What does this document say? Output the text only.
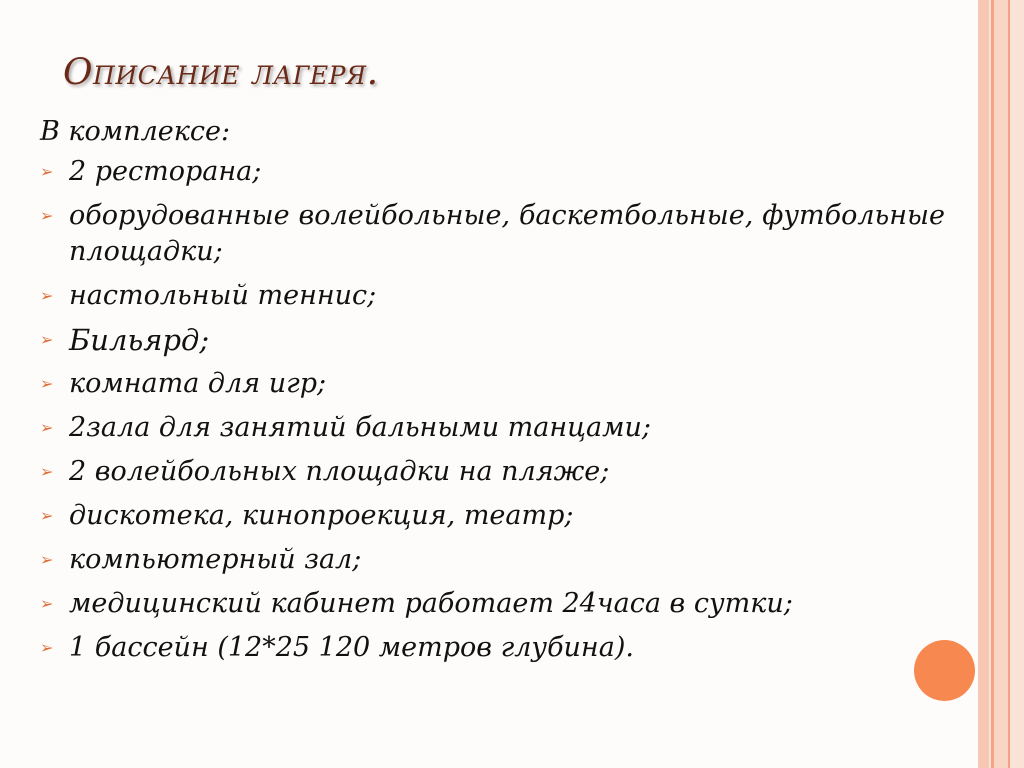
Описание лагеря.
В комплексе:
➢ 2 ресторана;
➢ оборудованные волейбольные, баскетбольные, футбольные площадки;
➢ настольный теннис;
➢ Бильярд;
➢ комната для игр;
➢ 2зала для занятий бальными танцами;
➢ 2 волейбольных площадки на пляже;
➢ дискотека, кинопроекция, театр;
➢ компьютерный зал;
➢ медицинский кабинет работает 24часа в сутки;
➢ 1 бассейн (12*25 120 метров глубина).
